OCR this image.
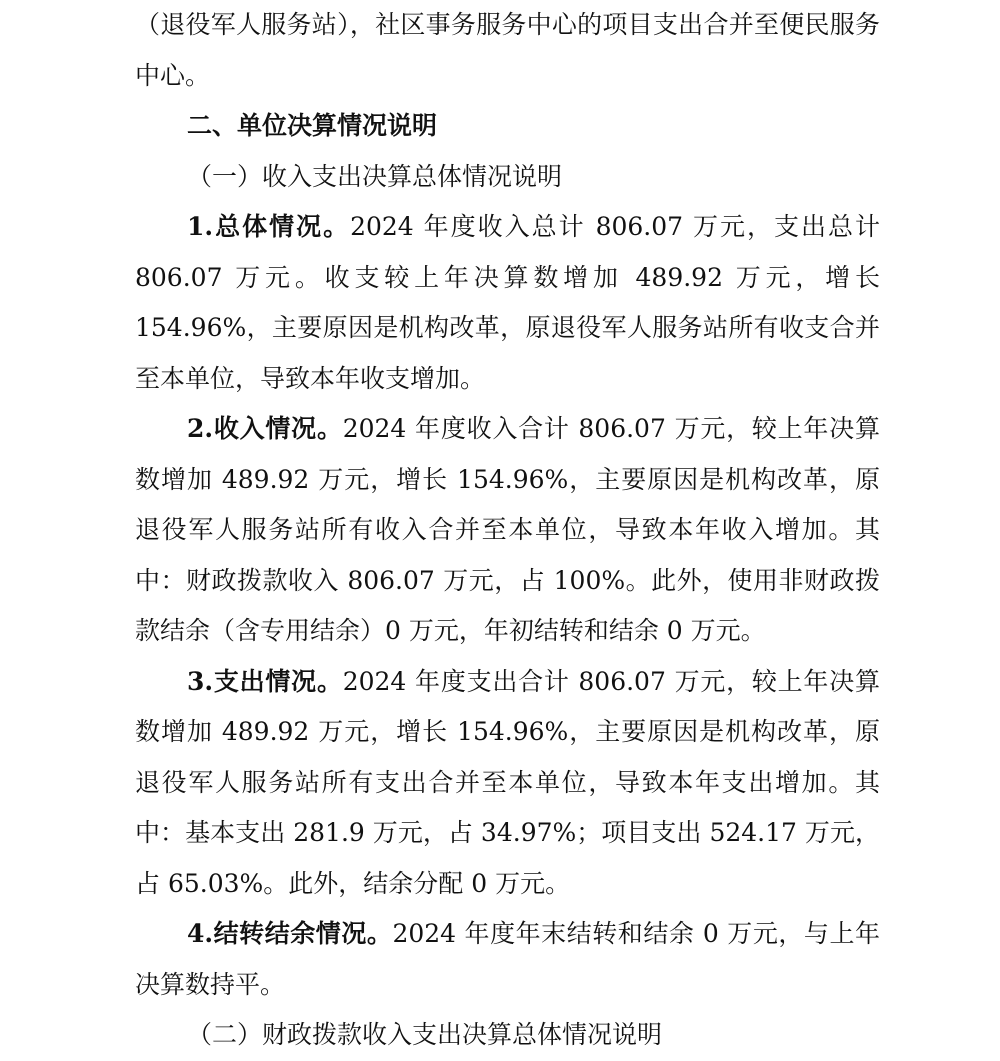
（退役军人服务站），社区事务服务中心的项目支出合并至便民服务中心。

二、单位决算情况说明

（一）收入支出决算总体情况说明

1.总体情况。2024 年度收入总计 806.07 万元，支出总计 806.07 万元。收支较上年决算数增加 489.92 万元，增长 154.96%，主要原因是机构改革，原退役军人服务站所有收支合并至本单位，导致本年收支增加。

2.收入情况。2024 年度收入合计 806.07 万元，较上年决算数增加 489.92 万元，增长 154.96%，主要原因是机构改革，原退役军人服务站所有收入合并至本单位，导致本年收入增加。其中：财政拨款收入 806.07 万元，占 100%。此外，使用非财政拨款结余（含专用结余）0 万元，年初结转和结余 0 万元。

3.支出情况。2024 年度支出合计 806.07 万元，较上年决算数增加 489.92 万元，增长 154.96%，主要原因是机构改革，原退役军人服务站所有支出合并至本单位，导致本年支出增加。其中：基本支出 281.9 万元，占 34.97%；项目支出 524.17 万元，占 65.03%。此外，结余分配 0 万元。

4.结转结余情况。2024 年度年末结转和结余 0 万元，与上年决算数持平。

（二）财政拨款收入支出决算总体情况说明
